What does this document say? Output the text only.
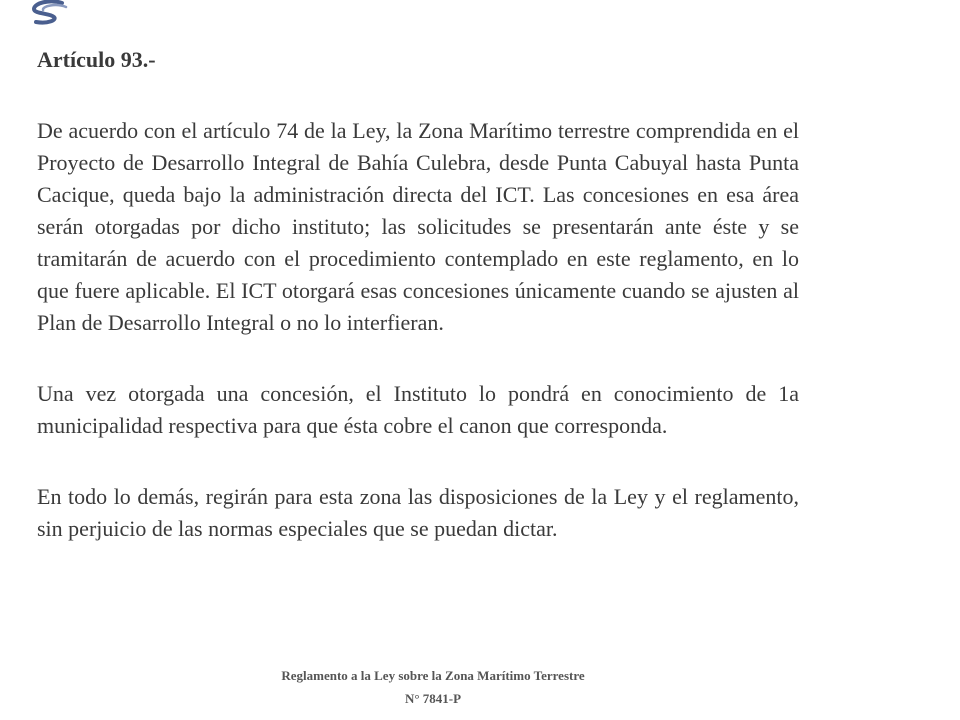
Artículo 93.-

De acuerdo con el artículo 74 de la Ley, la Zona Marítimo terrestre comprendida en el Proyecto de Desarrollo Integral de Bahía Culebra, desde Punta Cabuyal hasta Punta Cacique, queda bajo la administración directa del ICT. Las concesiones en esa área serán otorgadas por dicho instituto; las solicitudes se presentarán ante éste y se tramitarán de acuerdo con el procedimiento contemplado en este reglamento, en lo que fuere aplicable. El ICT otorgará esas concesiones únicamente cuando se ajusten al Plan de Desarrollo Integral o no lo interfieran.

Una vez otorgada una concesión, el Instituto lo pondrá en conocimiento de 1a municipalidad respectiva para que ésta cobre el canon que corresponda.

En todo lo demás, regirán para esta zona las disposiciones de la Ley y el reglamento, sin perjuicio de las normas especiales que se puedan dictar.

Reglamento a la Ley sobre la Zona Marítimo Terrestre
N° 7841-P
